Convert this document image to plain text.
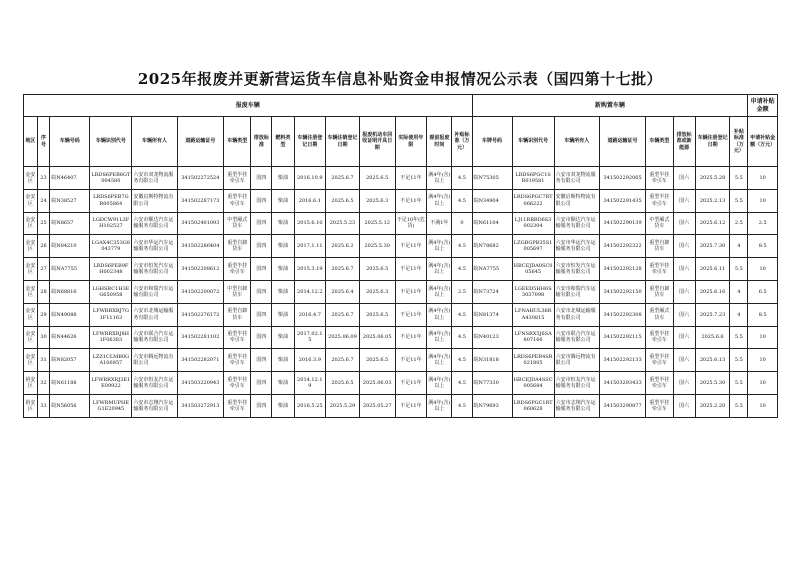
2025年报废并更新营运货车信息补贴资金申报情况公示表（国四第十七批）
报废车辆															新购置车辆								申请补贴金额
地区	序号	车辆号码	车辆识别代号	车辆所有人	道路运输证号	车辆类型	排放标准	燃料类型	车辆注册登记日期	车辆注销登记日期	报废机动车回收证明开具日期	实际使用年限	提前报废时间	补贴标准（万元）	车牌号码	车辆识别代号	车辆所有人	道路运输证号	车辆类型	排放标准或新能源	车辆注册登记日期	补贴标准（万元）	申请补贴金额（万元）
金安区	23	皖N46407	LRDS6PEB8GT004580	六安市双龙物流服务有限公司	341502272524	重型半挂牵引车	国四	柴油	2016.10.9	2025.6.7	2025.6.5	不足11年	满4年(含)以上	4.5	皖N75305	LRDS6PGC1SR019581	六安市双龙物流服务有限公司	341502292065	重型半挂牵引车	国六	2025.5.28	5.5	10
金安区	24	皖N38527	LRDS6PEB7GR005864	安徽启斯特物流有限公司	341502287173	重型半挂牵引车	国四	柴油	2016.6.1	2025.6.5	2025.6.3	不足11年	满4年(含)以上	4.5	皖N34904	LRDS6PGC7RT066222	安徽启斯特物流有限公司	341502291435	重型半挂牵引车	国六	2025.2.13	5.5	10
金安区	25	皖N8657	LGDCW91L3FH102527	六安市顺达汽车运输服务有限公司	341502401093	中型厢式货车	国四	柴油	2015.6.10	2025.5.23	2025.5.12	不足10年(危货)	不满1年	0	皖N61104	LJ11RBBD6S3002304	六安市顺达汽车运输服务有限公司	341502290139	中型厢式货车	国六	2025.6.12	2.5	2.5
金安区	26	皖N84210	LGAX4C353G8043779	六安市华运汽车运输服务有限公司	341502286404	重型自卸货车	国四	柴油	2017.1.11	2025.6.2	2025.5.30	不足11年	满4年(含)以上	4.5	皖N78682	LZGBGPB35S1005697	六安市华运汽车运输服务有限公司	341502292322	重型自卸货车	国六	2025.7.30	4	8.5
金安区	27	皖NA7755	LRDS6PEB9FH002348	六安市恒发汽车运输服务有限公司	341502208612	重型半挂牵引车	国四	柴油	2015.3.19	2025.6.7	2025.6.5	不足11年	满4年(含)以上	4.5	皖NA7755	HBCEJDA0SC005645	六安市恒发汽车运输服务有限公司	341502292128	重型半挂牵引车	国六	2025.6.11	5.5	10
金安区	28	皖N68816	LGHSBC1H3EG650958	六安市和瑞汽车运输有限公司	341502200072	中型自卸货车	国四	柴油	2014.12.2	2025.6.4	2025.6.3	不足11年	满4年(含)以上	2.5	皖N73724	LGEED5HH6S3037098	六安市和瑞汽车运输有限公司	341502292150	重型自卸货车	国六	2025.6.16	4	6.5
金安区	29	皖N49088	LFWRRXRJ7G1F11163	六安市北城运输服务有限公司	341502276172	重型自卸货车	国四	柴油	2016.4.7	2025.6.7	2025.6.5	不足11年	满4年(含)以上	4.5	皖N81374	LFNAHUL36RA430815	六安市北城运输服务有限公司	341502292308	重型厢式货车	国六	2025.7.23	4	8.5
金安区	30	皖N44626	LFWRRXRJ8H1F06383	六安市联合汽车运输服务有限公司	341502281102	重型半挂牵引车	国四	柴油	2017.02.15	2025.06.09	2025.06.05	不足11年	满4年(含)以上	4.5	皖N40123	LFNSRX5J6SA807166	六安市联合汽车运输服务有限公司	341502292115	重型半挂牵引车	国六	2025.6.6	5.5	10
金安区	31	皖N82057	LZZ1CLMB0GA106957	六安市腾远物流有限公司	341502282071	重型半挂牵引车	国四	柴油	2016.3.9	2025.6.7	2025.6.5	不足11年	满4年(含)以上	4.5	皖N31818	LRDS6PEB4SR021805	六安市腾远物流有限公司	341502292133	重型半挂牵引车	国六	2025.6.13	5.5	10
裕安区	32	皖N61188	LFWRRXRJ3E1E09922	六安市恒友汽车运输服务有限公司	341503220943	重型半挂牵引车	国四	柴油	2014.12.19	2025.6.5	2025.06.03	不足11年	满4年(含)以上	4.5	皖N77330	HBCEJDA4SSC005684	六安市恒友汽车运输服务有限公司	341503293433	重型半挂牵引车	国六	2025.5.30	5.5	10
裕安区	33	皖N56056	LFWRMUPHEG1E20945	六安市志翔汽车运输服务有限公司	341503272913	重型半挂牵引车	国四	柴油	2016.5.25	2025.5.29	2025.05.27	不足11年	满4年(含)以上	4.5	皖N79693	LRDS6PGC1RT060628	六安市志翔汽车运输服务有限公司	341503290877	重型半挂牵引车	国六	2025.2.20	5.5	10
